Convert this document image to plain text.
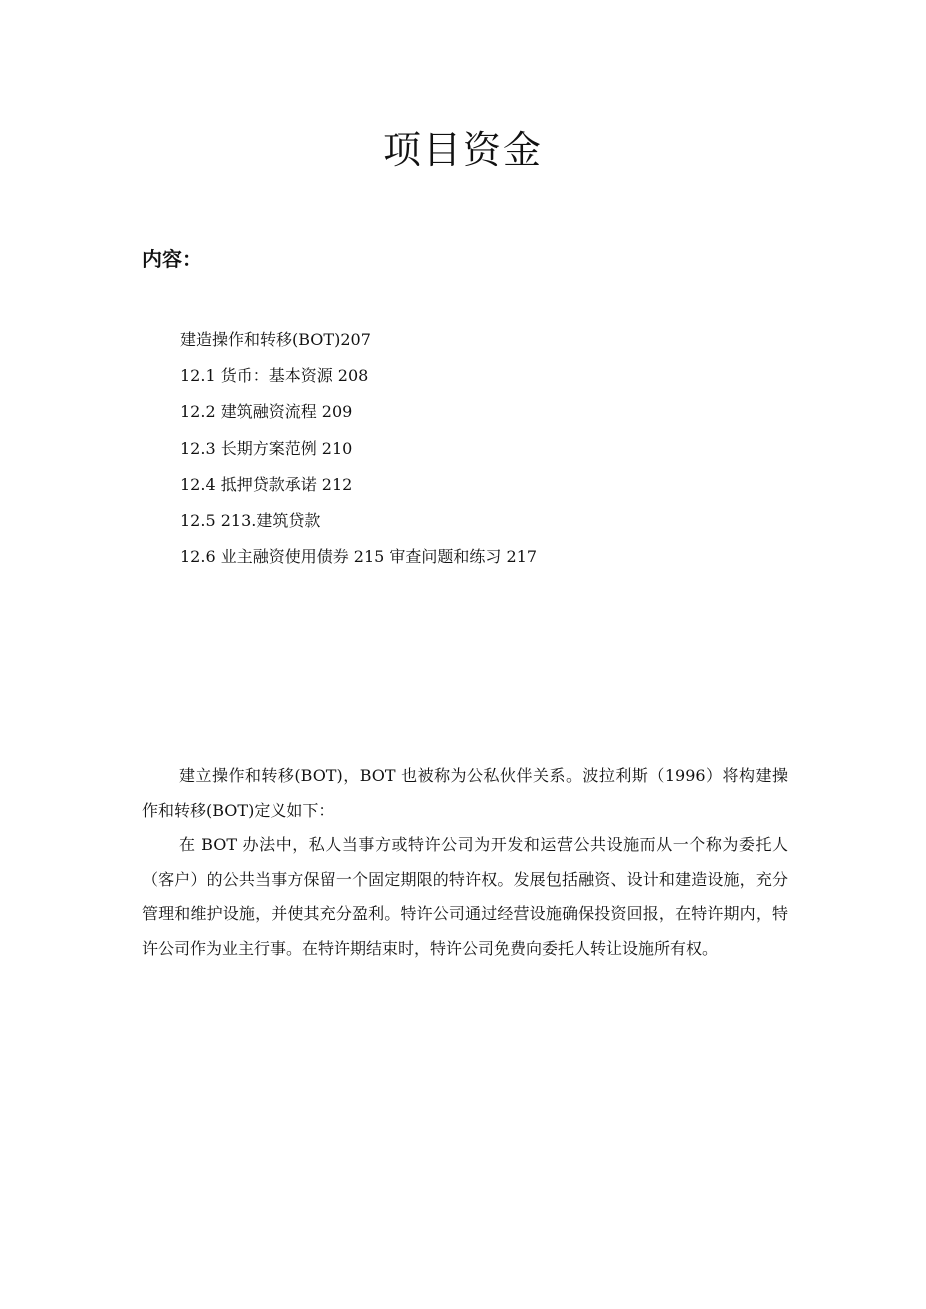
项目资金
内容：
建造操作和转移(BOT)207
12.1 货币：基本资源 208
12.2 建筑融资流程 209
12.3 长期方案范例 210
12.4 抵押贷款承诺 212
12.5 213.建筑贷款
12.6 业主融资使用债券 215 审查问题和练习 217

建立操作和转移(BOT)，BOT 也被称为公私伙伴关系。波拉利斯（1996）将构建操作和转移(BOT)定义如下：

在 BOT 办法中，私人当事方或特许公司为开发和运营公共设施而从一个称为委托人（客户）的公共当事方保留一个固定期限的特许权。发展包括融资、设计和建造设施，充分管理和维护设施，并使其充分盈利。特许公司通过经营设施确保投资回报，在特许期内，特许公司作为业主行事。在特许期结束时，特许公司免费向委托人转让设施所有权。
